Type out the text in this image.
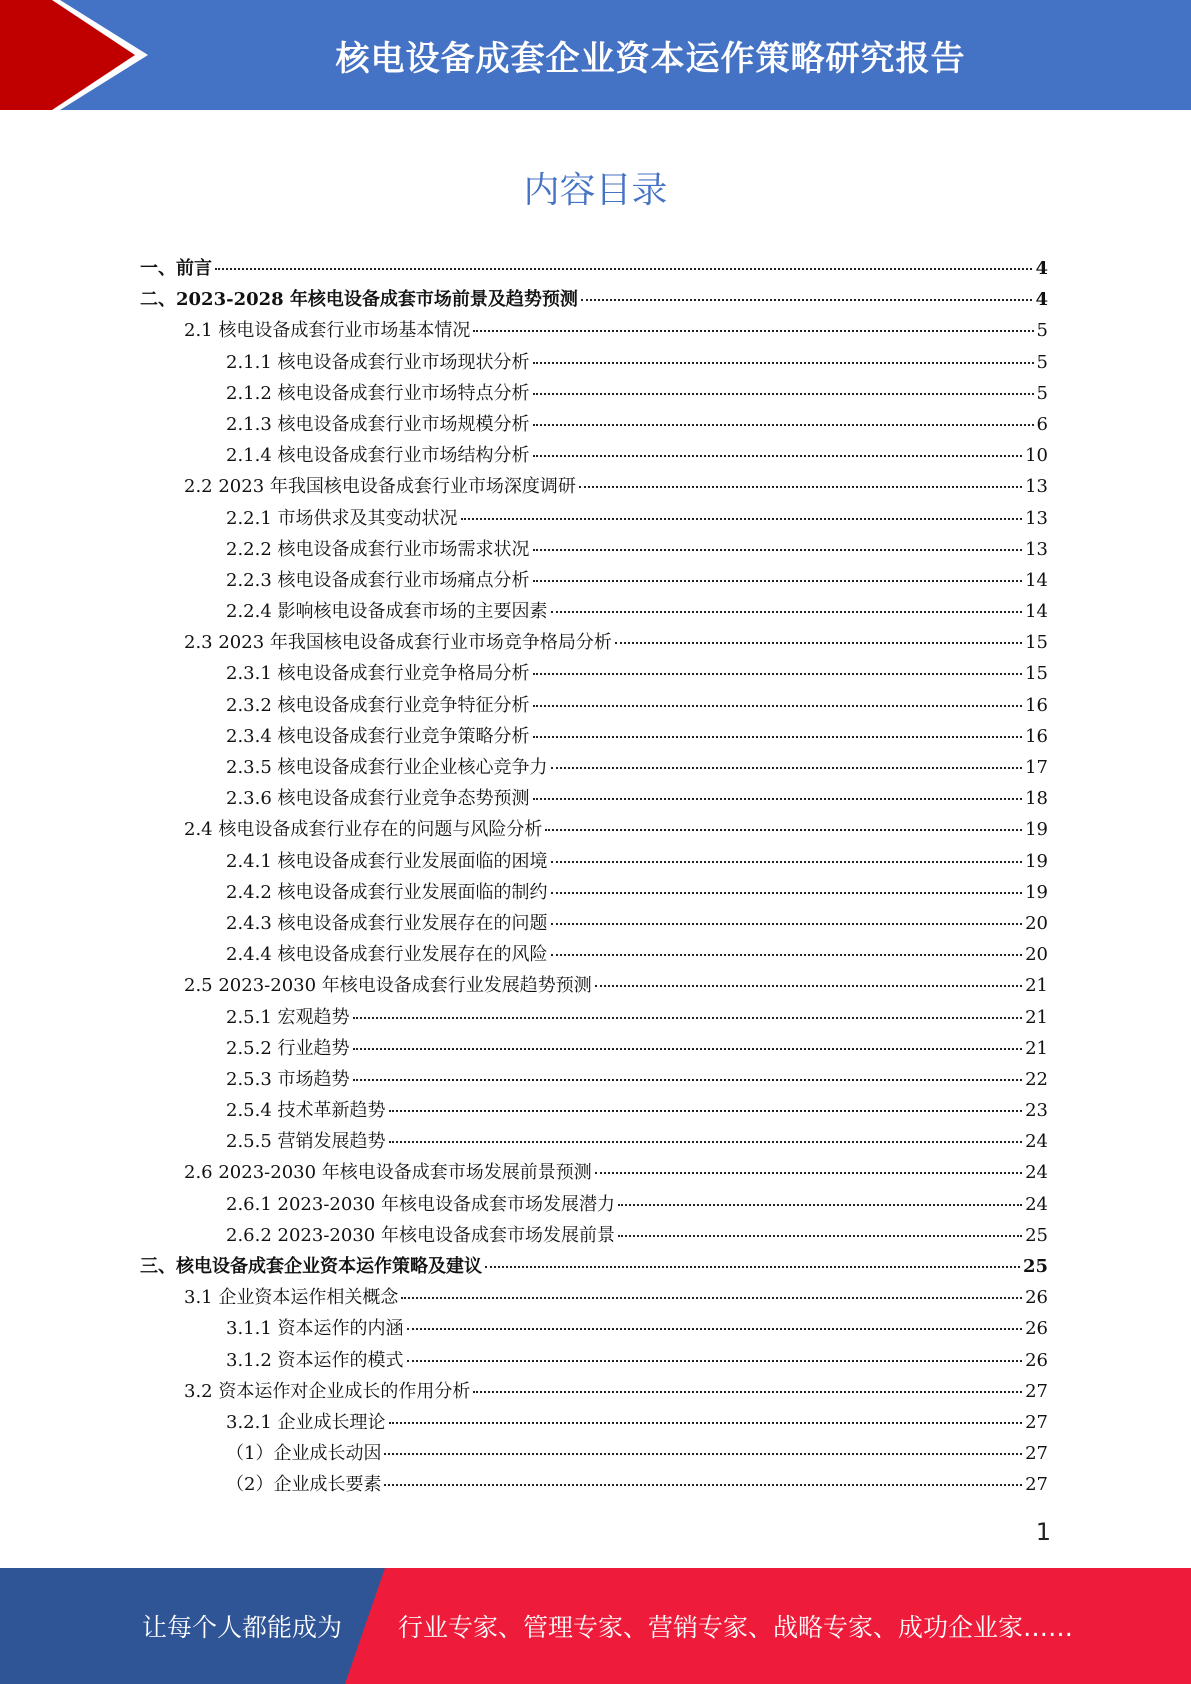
核电设备成套企业资本运作策略研究报告
内容目录
一、前言	4
二、2023-2028 年核电设备成套市场前景及趋势预测	4
2.1 核电设备成套行业市场基本情况	5
2.1.1 核电设备成套行业市场现状分析	5
2.1.2 核电设备成套行业市场特点分析	5
2.1.3 核电设备成套行业市场规模分析	6
2.1.4 核电设备成套行业市场结构分析	10
2.2 2023 年我国核电设备成套行业市场深度调研	13
2.2.1 市场供求及其变动状况	13
2.2.2 核电设备成套行业市场需求状况	13
2.2.3 核电设备成套行业市场痛点分析	14
2.2.4 影响核电设备成套市场的主要因素	14
2.3 2023 年我国核电设备成套行业市场竞争格局分析	15
2.3.1 核电设备成套行业竞争格局分析	15
2.3.2 核电设备成套行业竞争特征分析	16
2.3.4 核电设备成套行业竞争策略分析	16
2.3.5 核电设备成套行业企业核心竞争力	17
2.3.6 核电设备成套行业竞争态势预测	18
2.4 核电设备成套行业存在的问题与风险分析	19
2.4.1 核电设备成套行业发展面临的困境	19
2.4.2 核电设备成套行业发展面临的制约	19
2.4.3 核电设备成套行业发展存在的问题	20
2.4.4 核电设备成套行业发展存在的风险	20
2.5 2023-2030 年核电设备成套行业发展趋势预测	21
2.5.1 宏观趋势	21
2.5.2 行业趋势	21
2.5.3 市场趋势	22
2.5.4 技术革新趋势	23
2.5.5 营销发展趋势	24
2.6 2023-2030 年核电设备成套市场发展前景预测	24
2.6.1 2023-2030 年核电设备成套市场发展潜力	24
2.6.2 2023-2030 年核电设备成套市场发展前景	25
三、核电设备成套企业资本运作策略及建议	25
3.1 企业资本运作相关概念	26
3.1.1 资本运作的内涵	26
3.1.2 资本运作的模式	26
3.2 资本运作对企业成长的作用分析	27
3.2.1 企业成长理论	27
（1）企业成长动因	27
（2）企业成长要素	27
1
让每个人都能成为 行业专家、管理专家、营销专家、战略专家、成功企业家……
